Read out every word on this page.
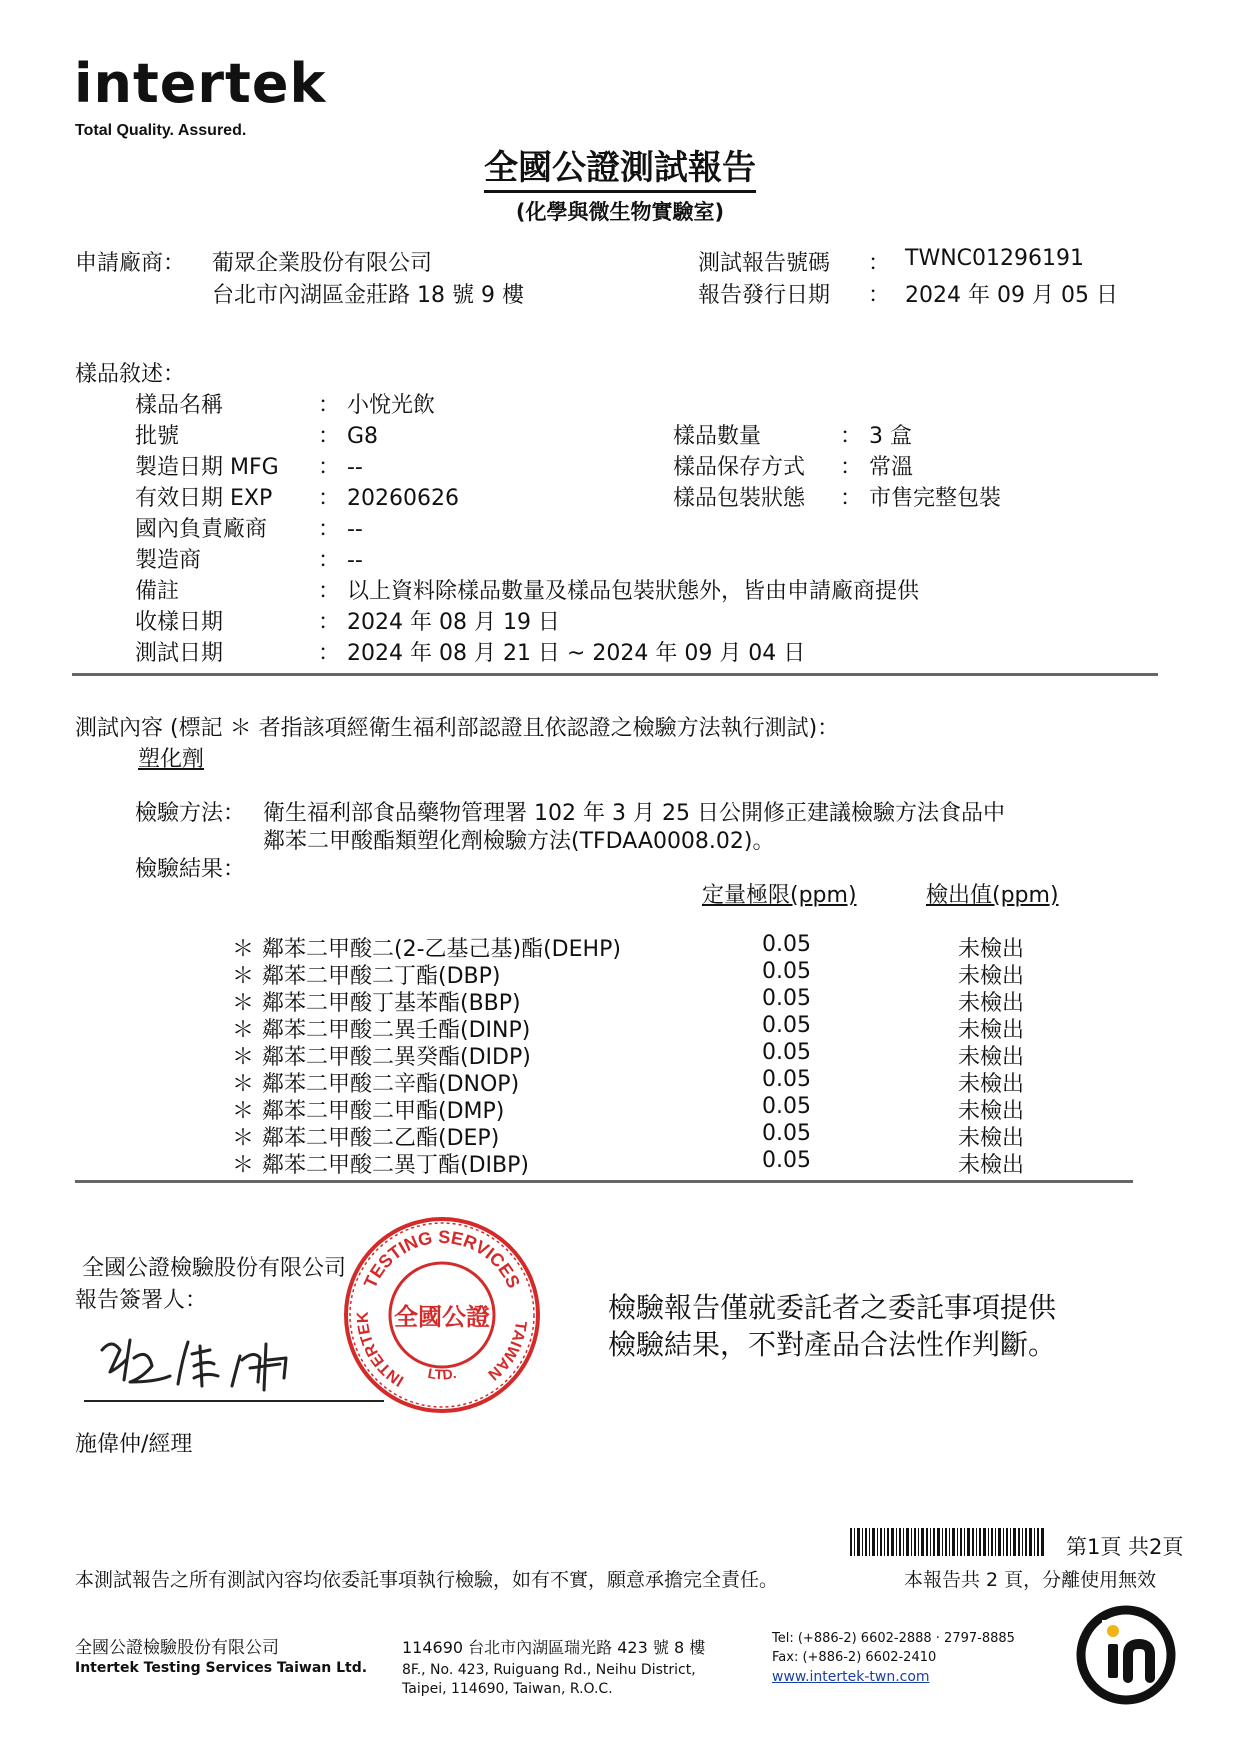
intertek
Total Quality. Assured.
全國公證測試報告
(化學與微生物實驗室)
申請廠商： 葡眾企業股份有限公司
台北市內湖區金莊路 18 號 9 樓
測試報告號碼 ： TWNC01296191
報告發行日期 ： 2024 年 09 月 05 日
樣品敘述：
樣品名稱	： 小悅光飲
批號	： G8
製造日期 MFG ： --
有效日期 EXP ： 20260626
國內負責廠商 ： --
製造商	： --
備註	： 以上資料除樣品數量及樣品包裝狀態外，皆由申請廠商提供
收樣日期	： 2024 年 08 月 19 日
測試日期	： 2024 年 08 月 21 日 ~ 2024 年 09 月 04 日
樣品數量	： 3 盒
樣品保存方式 ： 常溫
樣品包裝狀態 ： 市售完整包裝
測試內容 (標記 ＊ 者指該項經衛生福利部認證且依認證之檢驗方法執行測試)：
塑化劑
檢驗方法： 衛生福利部食品藥物管理署 102 年 3 月 25 日公開修正建議檢驗方法食品中
鄰苯二甲酸酯類塑化劑檢驗方法(TFDAA0008.02)。
檢驗結果：
定量極限(ppm)	檢出值(ppm)
＊ 鄰苯二甲酸二(2-乙基己基)酯(DEHP)	0.05	未檢出
＊ 鄰苯二甲酸二丁酯(DBP)	0.05	未檢出
＊ 鄰苯二甲酸丁基苯酯(BBP)	0.05	未檢出
＊ 鄰苯二甲酸二異壬酯(DINP)	0.05	未檢出
＊ 鄰苯二甲酸二異癸酯(DIDP)	0.05	未檢出
＊ 鄰苯二甲酸二辛酯(DNOP)	0.05	未檢出
＊ 鄰苯二甲酸二甲酯(DMP)	0.05	未檢出
＊ 鄰苯二甲酸二乙酯(DEP)	0.05	未檢出
＊ 鄰苯二甲酸二異丁酯(DIBP)	0.05	未檢出
全國公證檢驗股份有限公司
報告簽署人：
施偉仲/經理
TESTING SERVICES
INTERTEK
TAIWAN
LTD.
全國公證	檢驗報告僅就委託者之委託事項提供
檢驗結果，不對產品合法性作判斷。
第1頁 共2頁
本測試報告之所有測試內容均依委託事項執行檢驗，如有不實，願意承擔完全責任。	本報告共 2 頁，分離使用無效
全國公證檢驗股份有限公司
Intertek Testing Services Taiwan Ltd.
114690 台北市內湖區瑞光路 423 號 8 樓
8F., No. 423, Ruiguang Rd., Neihu District,
Taipei, 114690, Taiwan, R.O.C.
Tel: (+886-2) 6602-2888 · 2797-8885
Fax: (+886-2) 6602-2410
www.intertek-twn.com
